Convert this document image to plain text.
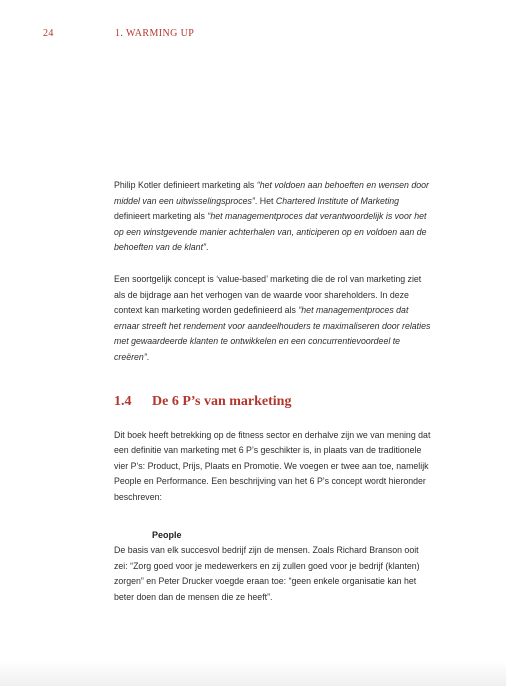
24	1. WARMING UP

Philip Kotler definieert marketing als “het voldoen aan behoeften en wensen door middel van een uitwisselingsproces”. Het Chartered Institute of Marketing definieert marketing als “het managementproces dat verantwoordelijk is voor het op een winstgevende manier achterhalen van, anticiperen op en voldoen aan de behoeften van de klant”.

Een soortgelijk concept is ‘value-based’ marketing die de rol van marketing ziet als de bijdrage aan het verhogen van de waarde voor shareholders. In deze context kan marketing worden gedefinieerd als “het managementproces dat ernaar streeft het rendement voor aandeelhouders te maximaliseren door relaties met gewaardeerde klanten te ontwikkelen en een concurrentievoordeel te creëren”.

1.4	De 6 P’s van marketing

Dit boek heeft betrekking op de fitness sector en derhalve zijn we van mening dat een definitie van marketing met 6 P’s geschikter is, in plaats van de traditionele vier P’s: Product, Prijs, Plaats en Promotie. We voegen er twee aan toe, namelijk People en Performance. Een beschrijving van het 6 P’s concept wordt hieronder beschreven:

People

De basis van elk succesvol bedrijf zijn de mensen. Zoals Richard Branson ooit zei: “Zorg goed voor je medewerkers en zij zullen goed voor je bedrijf (klanten) zorgen” en Peter Drucker voegde eraan toe: “geen enkele organisatie kan het beter doen dan de mensen die ze heeft”.
